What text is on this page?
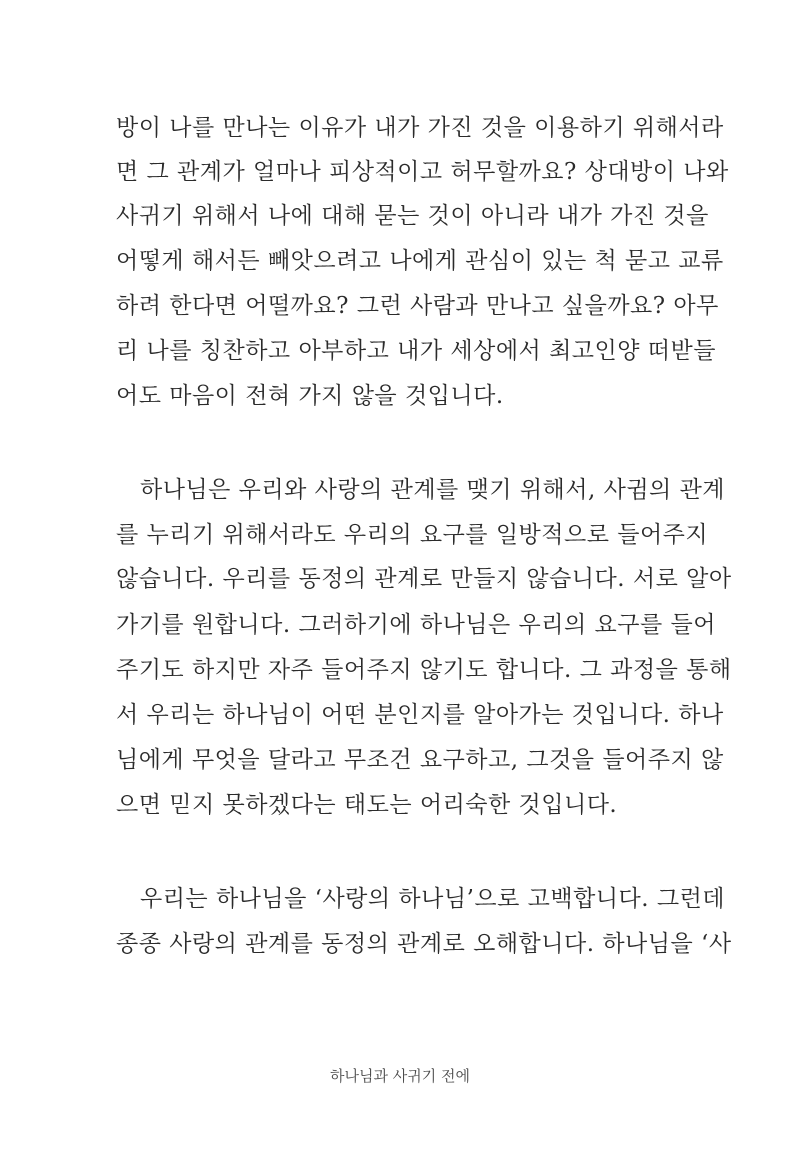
방이 나를 만나는 이유가 내가 가진 것을 이용하기 위해서라
면 그 관계가 얼마나 피상적이고 허무할까요? 상대방이 나와
사귀기 위해서 나에 대해 묻는 것이 아니라 내가 가진 것을
어떻게 해서든 빼앗으려고 나에게 관심이 있는 척 묻고 교류
하려 한다면 어떨까요? 그런 사람과 만나고 싶을까요? 아무
리 나를 칭찬하고 아부하고 내가 세상에서 최고인양 떠받들
어도 마음이 전혀 가지 않을 것입니다.
하나님은 우리와 사랑의 관계를 맺기 위해서, 사귐의 관계
를 누리기 위해서라도 우리의 요구를 일방적으로 들어주지
않습니다. 우리를 동정의 관계로 만들지 않습니다. 서로 알아
가기를 원합니다. 그러하기에 하나님은 우리의 요구를 들어
주기도 하지만 자주 들어주지 않기도 합니다. 그 과정을 통해
서 우리는 하나님이 어떤 분인지를 알아가는 것입니다. 하나
님에게 무엇을 달라고 무조건 요구하고, 그것을 들어주지 않
으면 믿지 못하겠다는 태도는 어리숙한 것입니다.
우리는 하나님을 ‘사랑의 하나님’으로 고백합니다. 그런데
종종 사랑의 관계를 동정의 관계로 오해합니다. 하나님을 ‘사
하나님과 사귀기 전에
